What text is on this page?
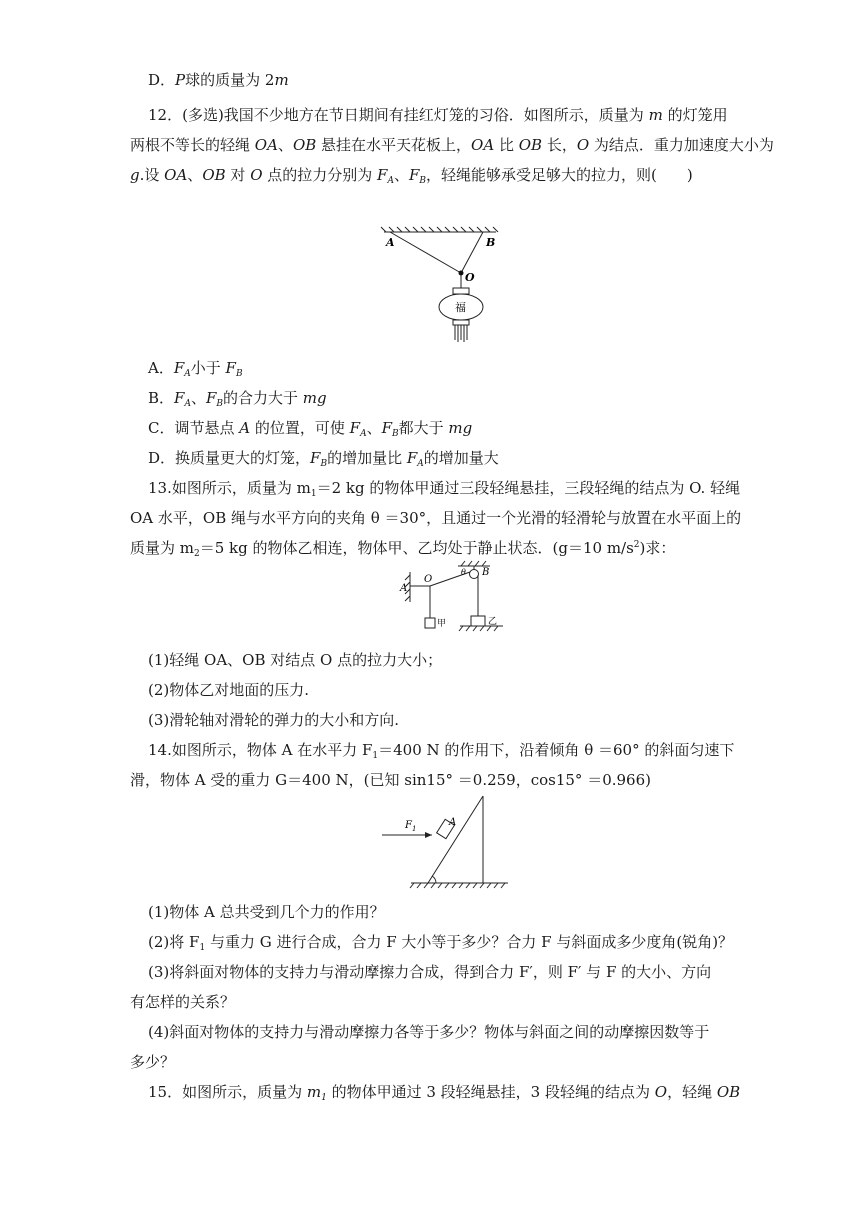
D．P球的质量为 2m
12．(多选)我国不少地方在节日期间有挂红灯笼的习俗．如图所示，质量为 m 的灯笼用
两根不等长的轻绳 OA、OB 悬挂在水平天花板上，OA 比 OB 长，O 为结点．重力加速度大小为
g.设 OA、OB 对 O 点的拉力分别为 $F_A$、$F_B$，轻绳能够承受足够大的拉力，则(　　)
A	B
O
福
A．$F_A$小于 $F_B$
B．$F_A$、$F_B$的合力大于 mg
C．调节悬点 A 的位置，可使 $F_A$、$F_B$都大于 mg
D．换质量更大的灯笼，$F_B$的增加量比 $F_A$的增加量大
13.如图所示，质量为 $m_1=2$ kg 的物体甲通过三段轻绳悬挂，三段轻绳的结点为 O. 轻绳
OA 水平，OB 绳与水平方向的夹角 θ ＝30°，且通过一个光滑的轻滑轮与放置在水平面上的
质量为 $m_2=5$ kg 的物体乙相连，物体甲、乙均处于静止状态．(g＝10 $m/s^2$)求：
A
O
B
θ
甲	乙
(1)轻绳 OA、OB 对结点 O 点的拉力大小；
(2)物体乙对地面的压力.
(3)滑轮轴对滑轮的弹力的大小和方向.
14.如图所示，物体 A 在水平力 $F_1=400$ N 的作用下，沿着倾角 θ ＝60° 的斜面匀速下
滑，物体 A 受的重力 G＝400 N，(已知 sin15° ＝0.259，cos15° ＝0.966)
$F_1$
A
(1)物体 A 总共受到几个力的作用？
(2)将 $F_1$ 与重力 G 进行合成，合力 F 大小等于多少？合力 F 与斜面成多少度角(锐角)？
(3)将斜面对物体的支持力与滑动摩擦力合成，得到合力 F′，则 F′ 与 F 的大小、方向
有怎样的关系？
(4)斜面对物体的支持力与滑动摩擦力各等于多少？物体与斜面之间的动摩擦因数等于
多少？
15．如图所示，质量为 $m_1$ 的物体甲通过 3 段轻绳悬挂，3 段轻绳的结点为 O，轻绳 OB
